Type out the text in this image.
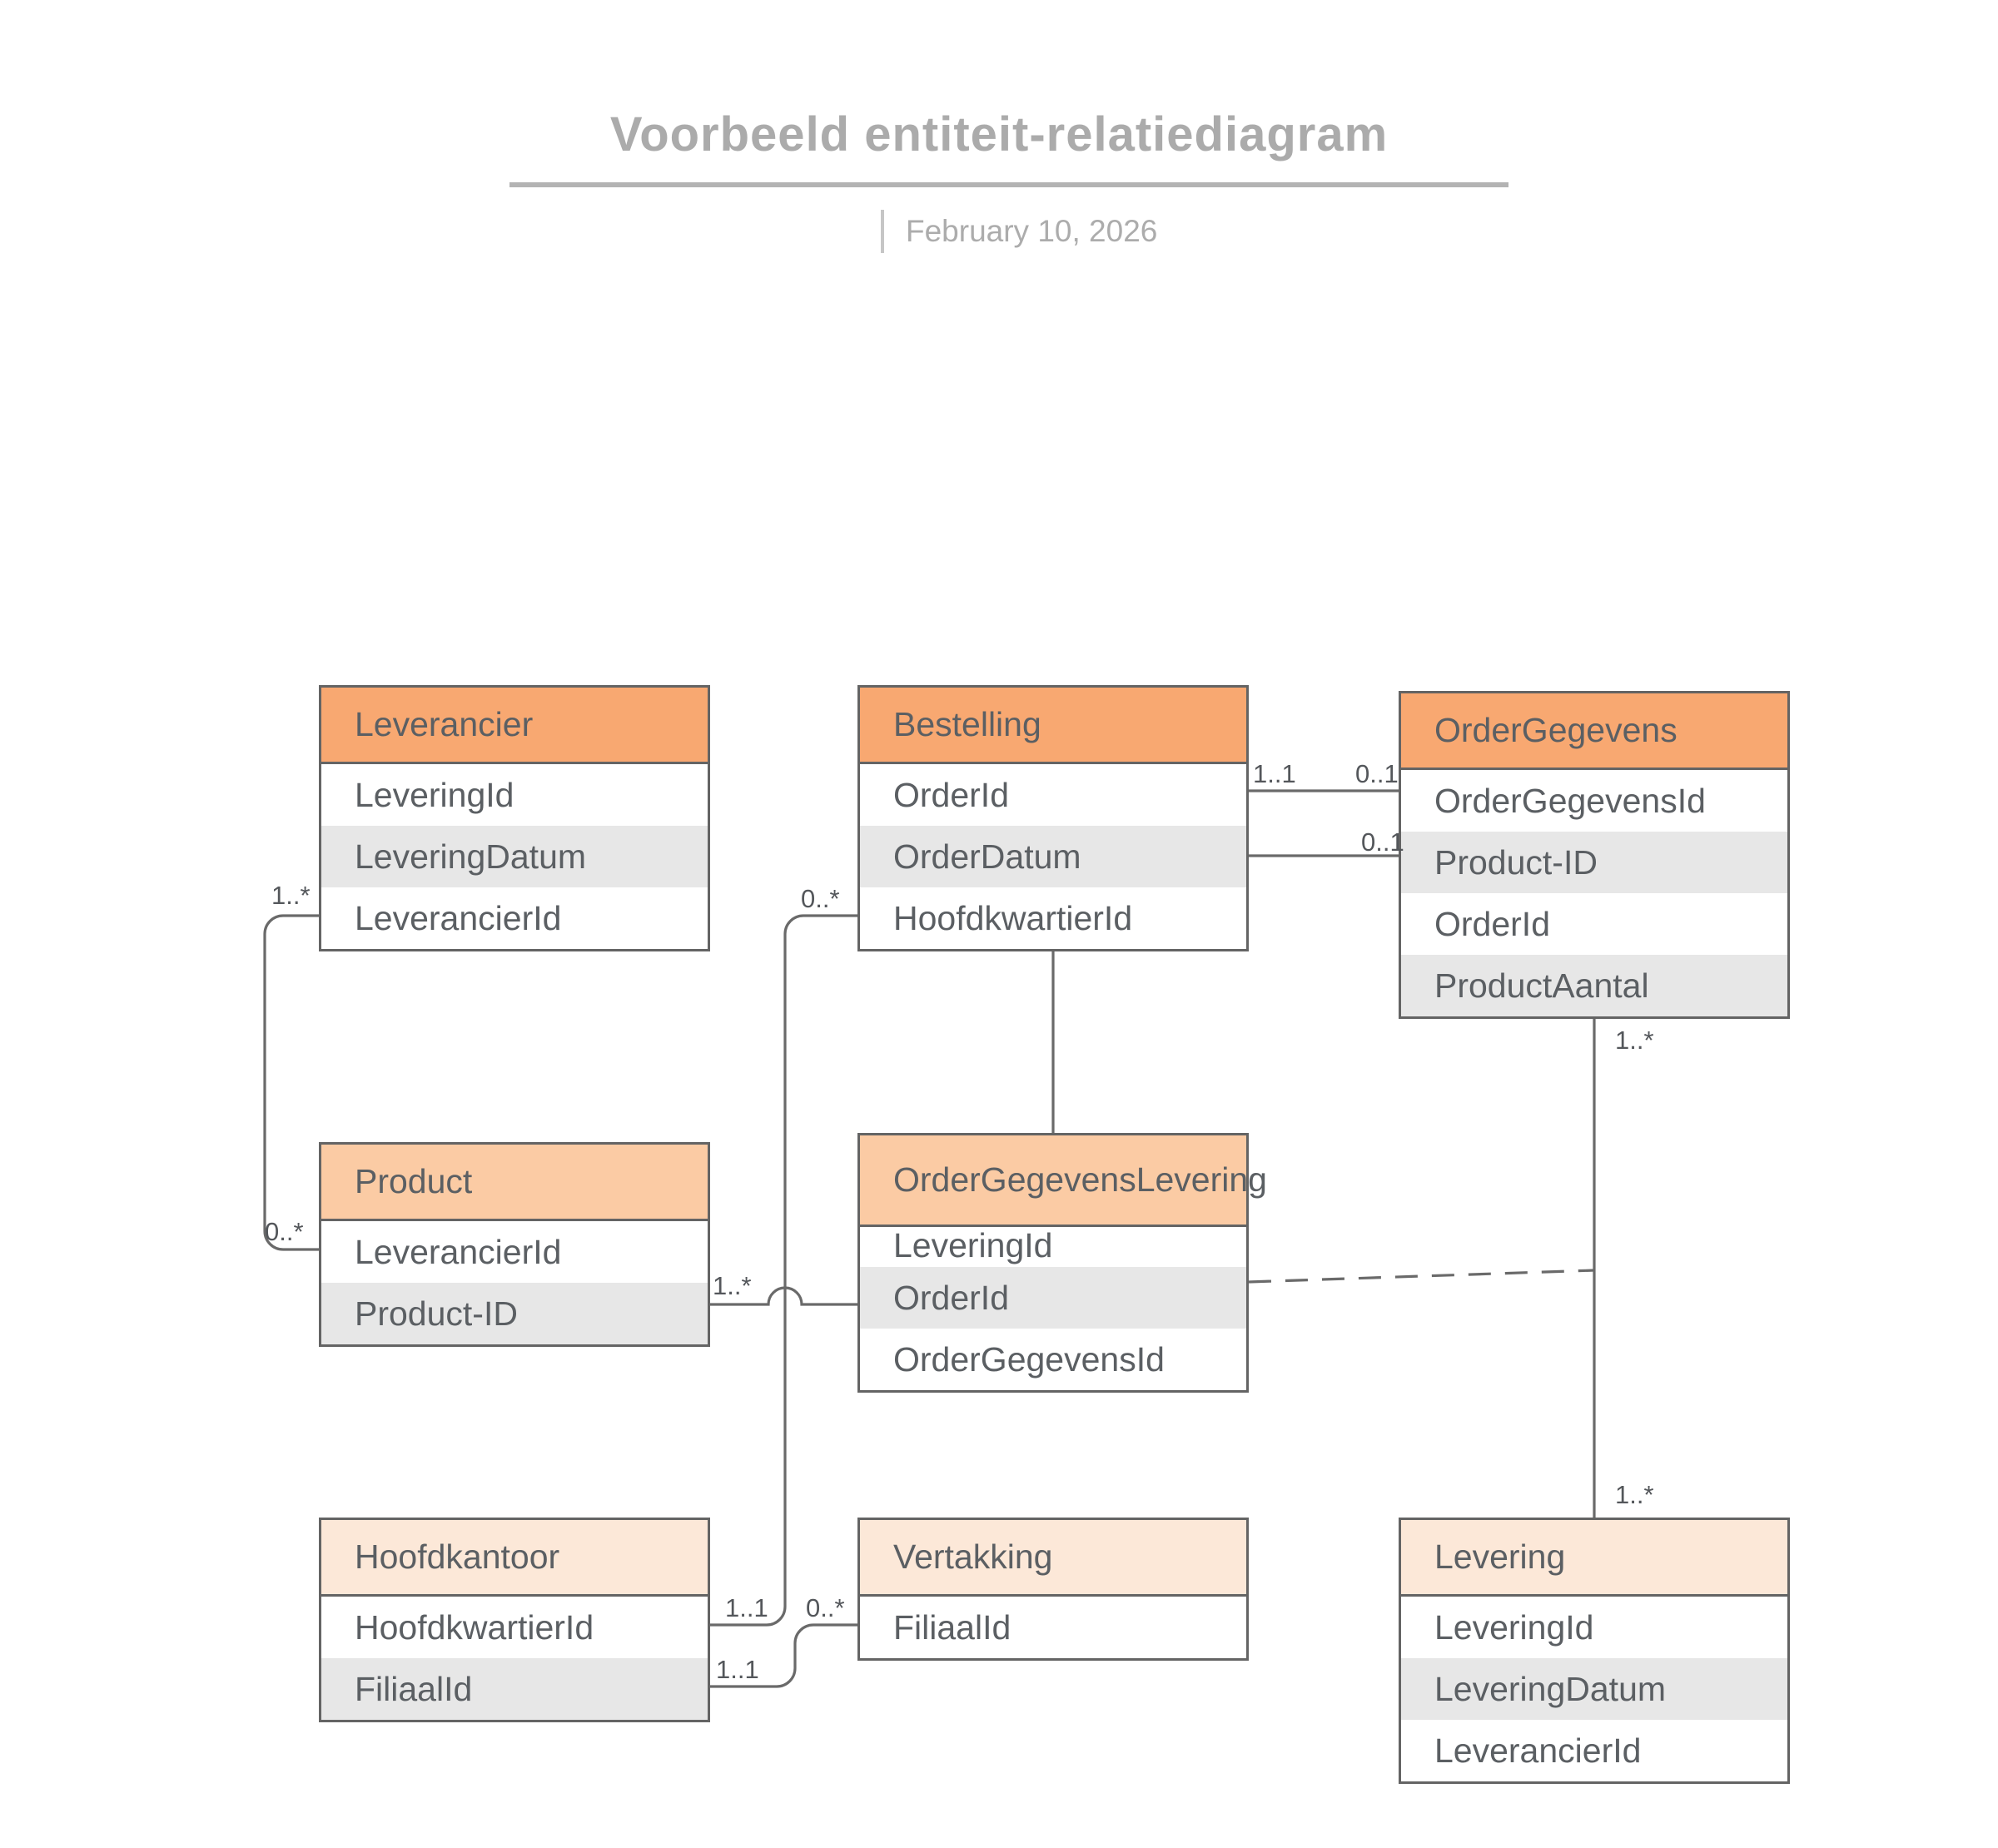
Voorbeeld entiteit-relatiediagram
February 10, 2026
Leverancier
LeveringId
LeveringDatum
LeverancierId
Bestelling
OrderId
OrderDatum
HoofdkwartierId
OrderGegevens
OrderGegevensId
Product-ID
OrderId
ProductAantal
Product
LeverancierId
Product-ID
OrderGegevensLevering
LeveringId
OrderId
OrderGegevensId
Hoofdkantoor
HoofdkwartierId
FiliaalId
Vertakking
FiliaalId
Levering
LeveringId
LeveringDatum
LeverancierId
1..*
0..*
1..1 0..1
0..1
0..*
1..*
1..*
1..*
1..1 0..*
1..1
